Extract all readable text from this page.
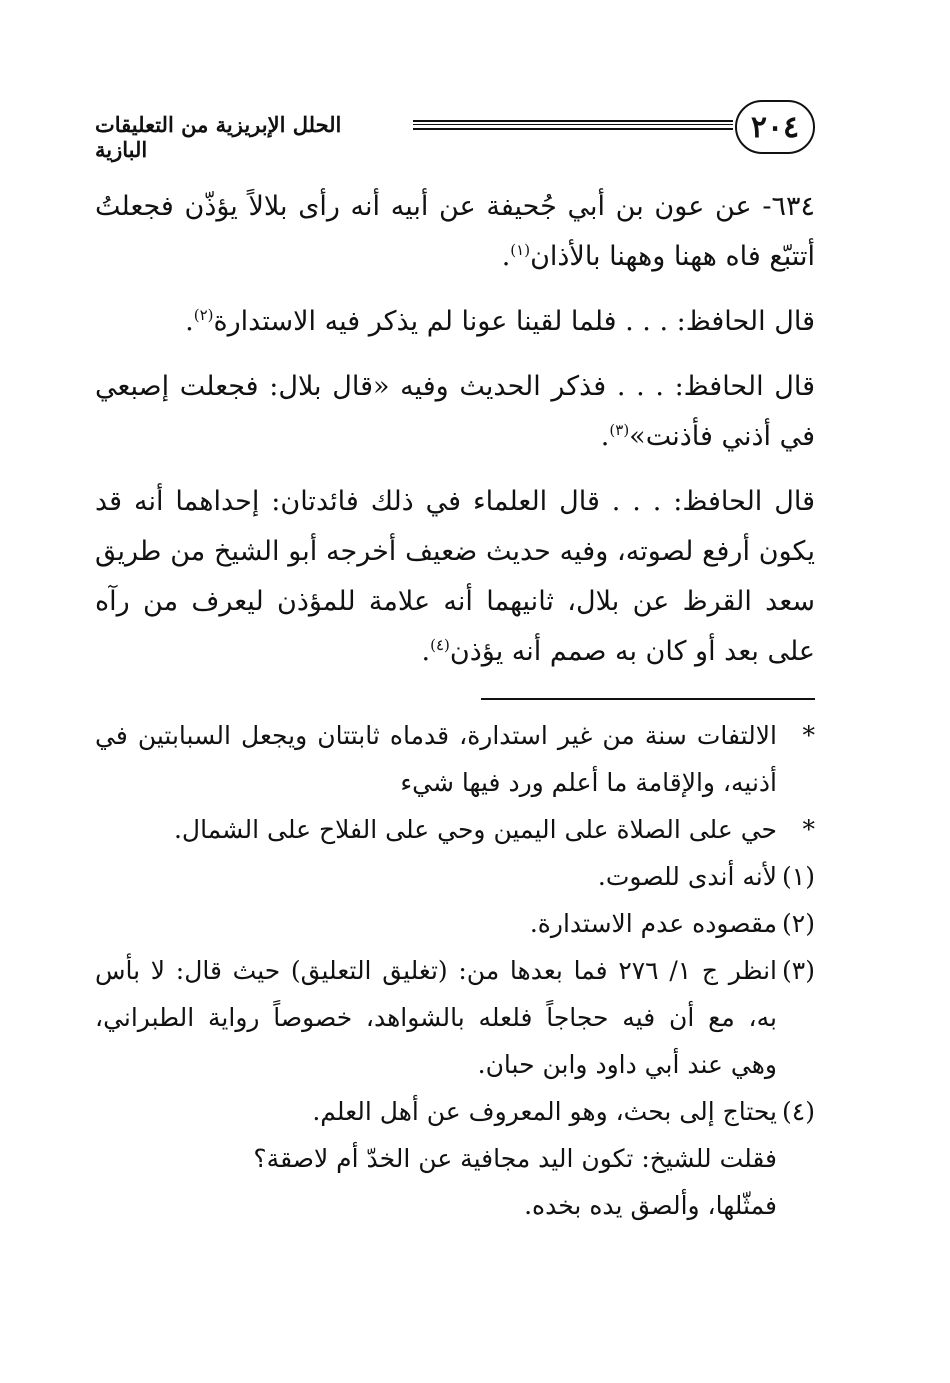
٢٠٤
الحلل الإبريزية من التعليقات البازية

٦٣٤- عن عون بن أبي جُحيفة عن أبيه أنه رأى بلالاً يؤذّن فجعلتُ أتتبّع فاه ههنا وههنا بالأذان$^{(١)}$.

قال الحافظ: . . . فلما لقينا عونا لم يذكر فيه الاستدارة$^{(٢)}$.

قال الحافظ: . . . فذكر الحديث وفيه «قال بلال: فجعلت إصبعي في أذني فأذنت»$^{(٣)}$.

قال الحافظ: . . . قال العلماء في ذلك فائدتان: إحداهما أنه قد يكون أرفع لصوته، وفيه حديث ضعيف أخرجه أبو الشيخ من طريق سعد القرظ عن بلال، ثانيهما أنه علامة للمؤذن ليعرف من رآه على بعد أو كان به صمم أنه يؤذن$^{(٤)}$.

*الالتفات سنة من غير استدارة، قدماه ثابتتان ويجعل السبابتين في أذنيه، والإقامة ما أعلم ورد فيها شيء

*حي على الصلاة على اليمين وحي على الفلاح على الشمال.

(١)لأنه أندى للصوت.

(٢)مقصوده عدم الاستدارة.

(٣)انظر ج ١/ ٢٧٦ فما بعدها من: (تغليق التعليق) حيث قال: لا بأس به، مع أن فيه حجاجاً فلعله بالشواهد، خصوصاً رواية الطبراني، وهي عند أبي داود وابن حبان.

(٤)يحتاج إلى بحث، وهو المعروف عن أهل العلم.

فقلت للشيخ: تكون اليد مجافية عن الخدّ أم لاصقة؟

فمثّلها، وألصق يده بخده.
